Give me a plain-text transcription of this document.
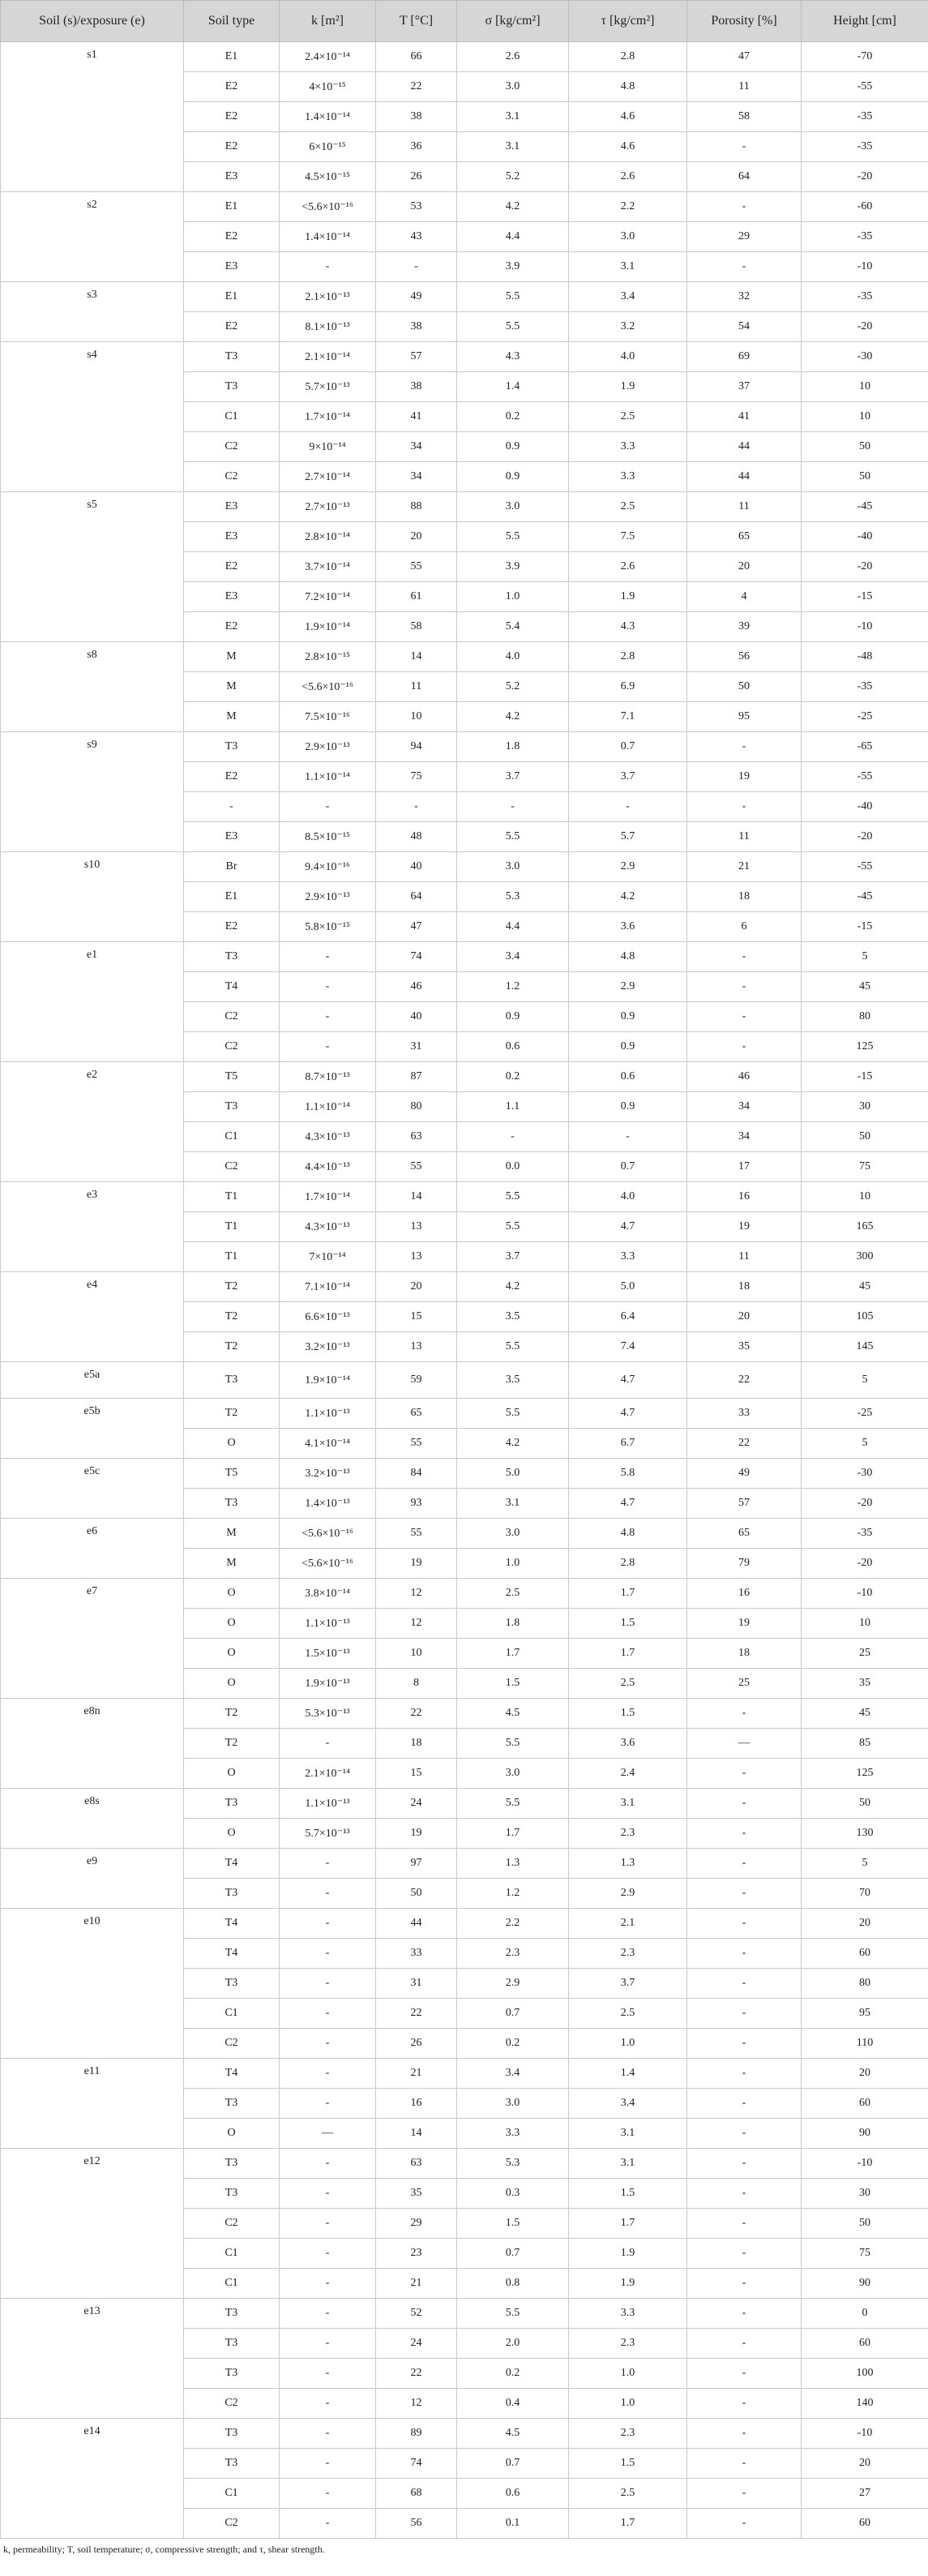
Soil (s)/exposure (e)	Soil type	k [m²]	T [°C]	σ [kg/cm²]	τ [kg/cm²]	Porosity [%]	Height [cm]
s1	E1	2.4×10⁻¹⁴	66	2.6	2.8	47	-70
	E2	4×10⁻¹⁵	22	3.0	4.8	11	-55
	E2	1.4×10⁻¹⁴	38	3.1	4.6	58	-35
	E2	6×10⁻¹⁵	36	3.1	4.6	-	-35
	E3	4.5×10⁻¹⁵	26	5.2	2.6	64	-20
s2	E1	<5.6×10⁻¹⁶	53	4.2	2.2	-	-60
	E2	1.4×10⁻¹⁴	43	4.4	3.0	29	-35
	E3	-	-	3.9	3.1	-	-10
s3	E1	2.1×10⁻¹³	49	5.5	3.4	32	-35
	E2	8.1×10⁻¹³	38	5.5	3.2	54	-20
s4	T3	2.1×10⁻¹⁴	57	4.3	4.0	69	-30
	T3	5.7×10⁻¹³	38	1.4	1.9	37	10
	C1	1.7×10⁻¹⁴	41	0.2	2.5	41	10
	C2	9×10⁻¹⁴	34	0.9	3.3	44	50
	C2	2.7×10⁻¹⁴	34	0.9	3.3	44	50
s5	E3	2.7×10⁻¹³	88	3.0	2.5	11	-45
	E3	2.8×10⁻¹⁴	20	5.5	7.5	65	-40
	E2	3.7×10⁻¹⁴	55	3.9	2.6	20	-20
	E3	7.2×10⁻¹⁴	61	1.0	1.9	4	-15
	E2	1.9×10⁻¹⁴	58	5.4	4.3	39	-10
s8	M	2.8×10⁻¹⁵	14	4.0	2.8	56	-48
	M	<5.6×10⁻¹⁶	11	5.2	6.9	50	-35
	M	7.5×10⁻¹⁶	10	4.2	7.1	95	-25
s9	T3	2.9×10⁻¹³	94	1.8	0.7	-	-65
	E2	1.1×10⁻¹⁴	75	3.7	3.7	19	-55
	-	-	-	-	-	-	-40
	E3	8.5×10⁻¹⁵	48	5.5	5.7	11	-20
s10	Br	9.4×10⁻¹⁶	40	3.0	2.9	21	-55
	E1	2.9×10⁻¹³	64	5.3	4.2	18	-45
	E2	5.8×10⁻¹⁵	47	4.4	3.6	6	-15
e1	T3	-	74	3.4	4.8	-	5
	T4	-	46	1.2	2.9	-	45
	C2	-	40	0.9	0.9	-	80
	C2	-	31	0.6	0.9	-	125
e2	T5	8.7×10⁻¹³	87	0.2	0.6	46	-15
	T3	1.1×10⁻¹⁴	80	1.1	0.9	34	30
	C1	4.3×10⁻¹³	63	-	-	34	50
	C2	4.4×10⁻¹³	55	0.0	0.7	17	75
e3	T1	1.7×10⁻¹⁴	14	5.5	4.0	16	10
	T1	4.3×10⁻¹³	13	5.5	4.7	19	165
	T1	7×10⁻¹⁴	13	3.7	3.3	11	300
e4	T2	7.1×10⁻¹⁴	20	4.2	5.0	18	45
	T2	6.6×10⁻¹³	15	3.5	6.4	20	105
	T2	3.2×10⁻¹³	13	5.5	7.4	35	145
e5a	T3	1.9×10⁻¹⁴	59	3.5	4.7	22	5
e5b	T2	1.1×10⁻¹³	65	5.5	4.7	33	-25
	O	4.1×10⁻¹⁴	55	4.2	6.7	22	5
e5c	T5	3.2×10⁻¹³	84	5.0	5.8	49	-30
	T3	1.4×10⁻¹³	93	3.1	4.7	57	-20
e6	M	<5.6×10⁻¹⁶	55	3.0	4.8	65	-35
	M	<5.6×10⁻¹⁶	19	1.0	2.8	79	-20
e7	O	3.8×10⁻¹⁴	12	2.5	1.7	16	-10
	O	1.1×10⁻¹³	12	1.8	1.5	19	10
	O	1.5×10⁻¹³	10	1.7	1.7	18	25
	O	1.9×10⁻¹³	8	1.5	2.5	25	35
e8n	T2	5.3×10⁻¹³	22	4.5	1.5	-	45
	T2	-	18	5.5	3.6	—	85
	O	2.1×10⁻¹⁴	15	3.0	2.4	-	125
e8s	T3	1.1×10⁻¹³	24	5.5	3.1	-	50
	O	5.7×10⁻¹³	19	1.7	2.3	-	130
e9	T4	-	97	1.3	1.3	-	5
	T3	-	50	1.2	2.9	-	70
e10	T4	-	44	2.2	2.1	-	20
	T4	-	33	2.3	2.3	-	60
	T3	-	31	2.9	3.7	-	80
	C1	-	22	0.7	2.5	-	95
	C2	-	26	0.2	1.0	-	110
e11	T4	-	21	3.4	1.4	-	20
	T3	-	16	3.0	3.4	-	60
	O	—	14	3.3	3.1	-	90
e12	T3	-	63	5.3	3.1	-	-10
	T3	-	35	0.3	1.5	-	30
	C2	-	29	1.5	1.7	-	50
	C1	-	23	0.7	1.9	-	75
	C1	-	21	0.8	1.9	-	90
e13	T3	-	52	5.5	3.3	-	0
	T3	-	24	2.0	2.3	-	60
	T3	-	22	0.2	1.0	-	100
	C2	-	12	0.4	1.0	-	140
e14	T3	-	89	4.5	2.3	-	-10
	T3	-	74	0.7	1.5	-	20
	C1	-	68	0.6	2.5	-	27
	C2	-	56	0.1	1.7	-	60
k, permeability; T, soil temperature; σ, compressive strength; and τ, shear strength.
